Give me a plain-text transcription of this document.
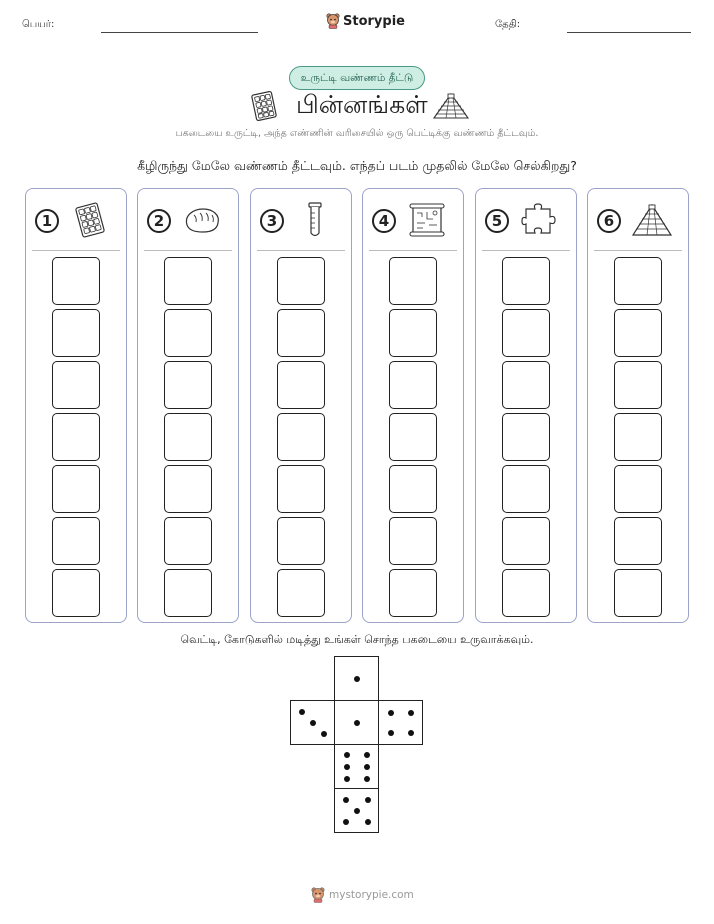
பெயர்:	Storypie	தேதி:
உருட்டி வண்ணம் தீட்டு
பின்னங்கள்
பகடையை உருட்டி, அந்த எண்ணின் வரிசையில் ஒரு பெட்டிக்கு வண்ணம் தீட்டவும்.
கீழிருந்து மேலே வண்ணம் தீட்டவும். எந்தப் படம் முதலில் மேலே செல்கிறது?
1	2	3	4	5	6
வெட்டி, கோடுகளில் மடித்து உங்கள் சொந்த பகடையை உருவாக்கவும்.
mystorypie.com
